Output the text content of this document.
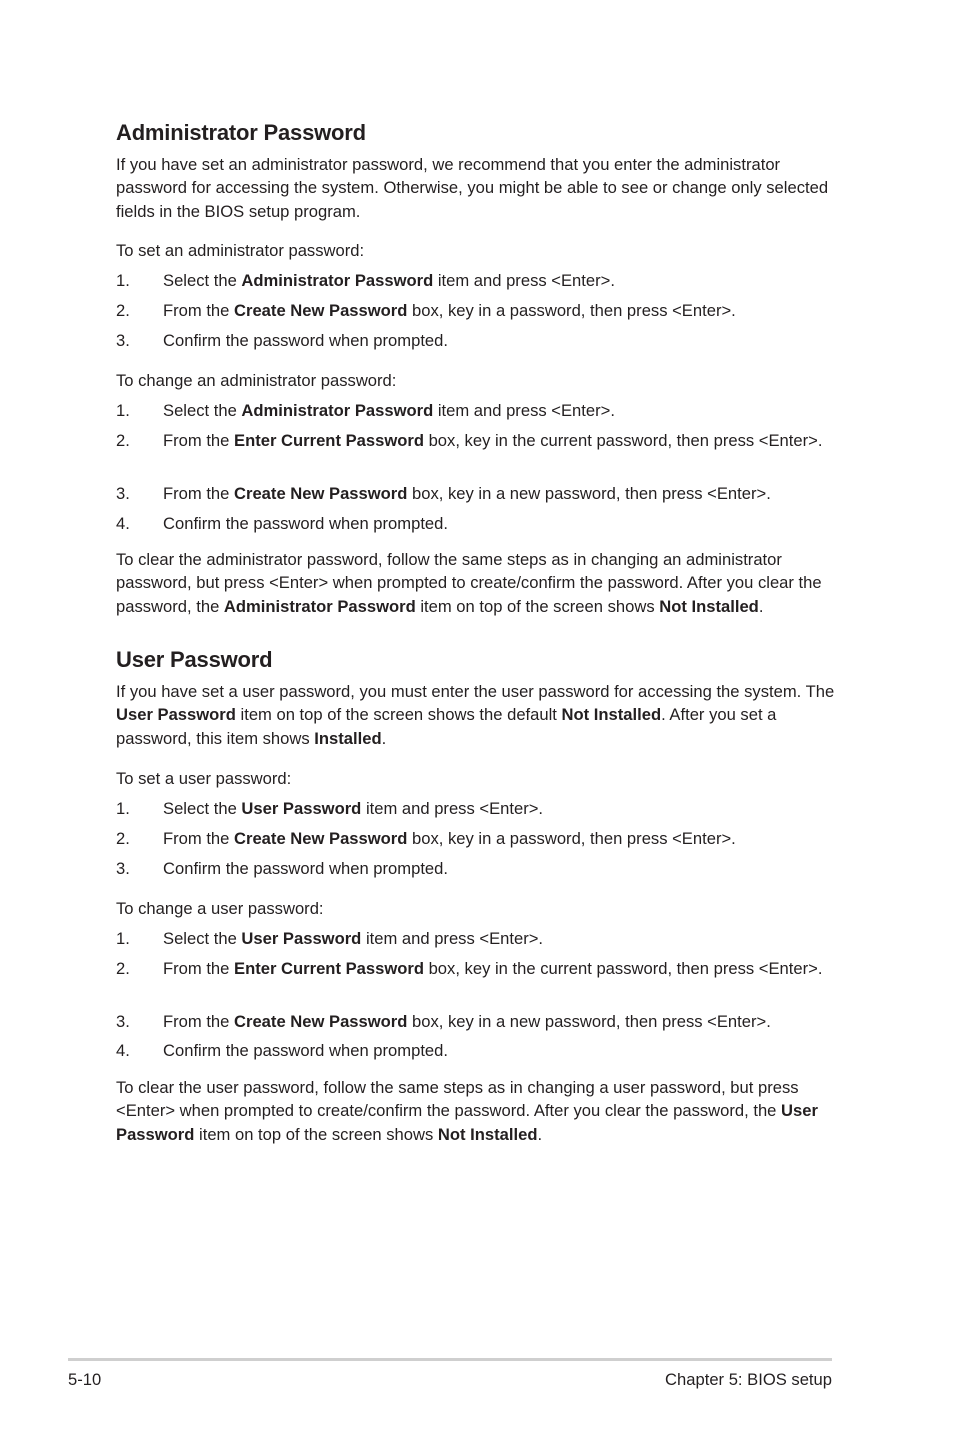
Administrator Password

If you have set an administrator password, we recommend that you enter the administrator password for accessing the system. Otherwise, you might be able to see or change only selected fields in the BIOS setup program.

To set an administrator password:

1. Select the Administrator Password item and press <Enter>.
2. From the Create New Password box, key in a password, then press <Enter>.
3. Confirm the password when prompted.

To change an administrator password:

1. Select the Administrator Password item and press <Enter>.
2. From the Enter Current Password box, key in the current password, then press <Enter>.
3. From the Create New Password box, key in a new password, then press <Enter>.
4. Confirm the password when prompted.

To clear the administrator password, follow the same steps as in changing an administrator password, but press <Enter> when prompted to create/confirm the password. After you clear the password, the Administrator Password item on top of the screen shows Not Installed.

User Password

If you have set a user password, you must enter the user password for accessing the system. The User Password item on top of the screen shows the default Not Installed. After you set a password, this item shows Installed.

To set a user password:

1. Select the User Password item and press <Enter>.
2. From the Create New Password box, key in a password, then press <Enter>.
3. Confirm the password when prompted.

To change a user password:

1. Select the User Password item and press <Enter>.
2. From the Enter Current Password box, key in the current password, then press <Enter>.
3. From the Create New Password box, key in a new password, then press <Enter>.
4. Confirm the password when prompted.

To clear the user password, follow the same steps as in changing a user password, but press <Enter> when prompted to create/confirm the password. After you clear the password, the User Password item on top of the screen shows Not Installed.

5-10	Chapter 5: BIOS setup
